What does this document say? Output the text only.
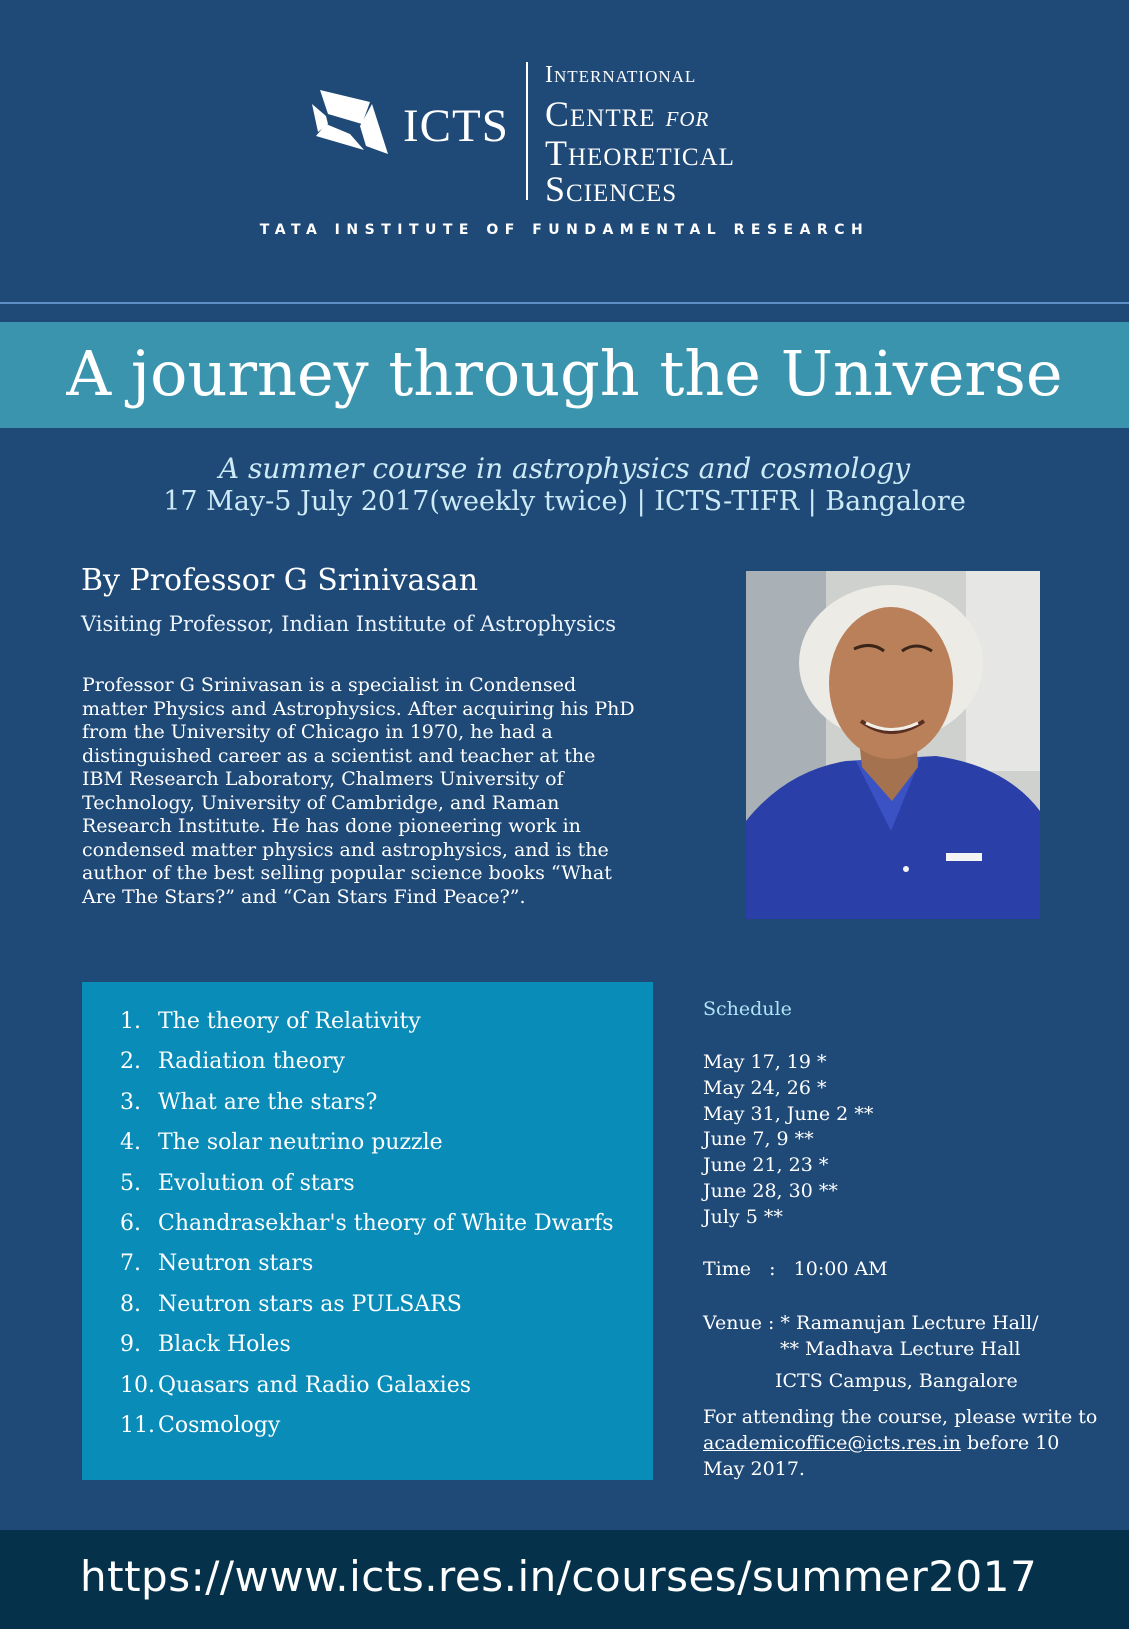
ICTS
International
Centre for
Theoretical
Sciences
TATA INSTITUTE OF FUNDAMENTAL RESEARCH
A journey through the Universe
A summer course in astrophysics and cosmology
17 May-5 July 2017(weekly twice) | ICTS-TIFR | Bangalore
By Professor G Srinivasan
Visiting Professor, Indian Institute of Astrophysics
Professor G Srinivasan is a specialist in Condensed matter Physics and Astrophysics. After acquiring his PhD from the University of Chicago in 1970, he had a distinguished career as a scientist and teacher at the IBM Research Laboratory, Chalmers University of Technology, University of Cambridge, and Raman Research Institute. He has done pioneering work in condensed matter physics and astrophysics, and is the author of the best selling popular science books “What Are The Stars?” and “Can Stars Find Peace?”.
1. The theory of Relativity
2. Radiation theory
3. What are the stars?
4. The solar neutrino puzzle
5. Evolution of stars
6. Chandrasekhar's theory of White Dwarfs
7. Neutron stars
8. Neutron stars as PULSARS
9. Black Holes
10. Quasars and Radio Galaxies
11. Cosmology
Schedule
May 17, 19 *
May 24, 26 *
May 31, June 2 **
June 7, 9 **
June 21, 23 *
June 28, 30 **
July 5 **
Time   :   10:00 AM
Venue : * Ramanujan Lecture Hall/
** Madhava Lecture Hall
ICTS Campus, Bangalore
For attending the course, please write to academicoffice@icts.res.in before 10 May 2017.
https://www.icts.res.in/courses/summer2017
